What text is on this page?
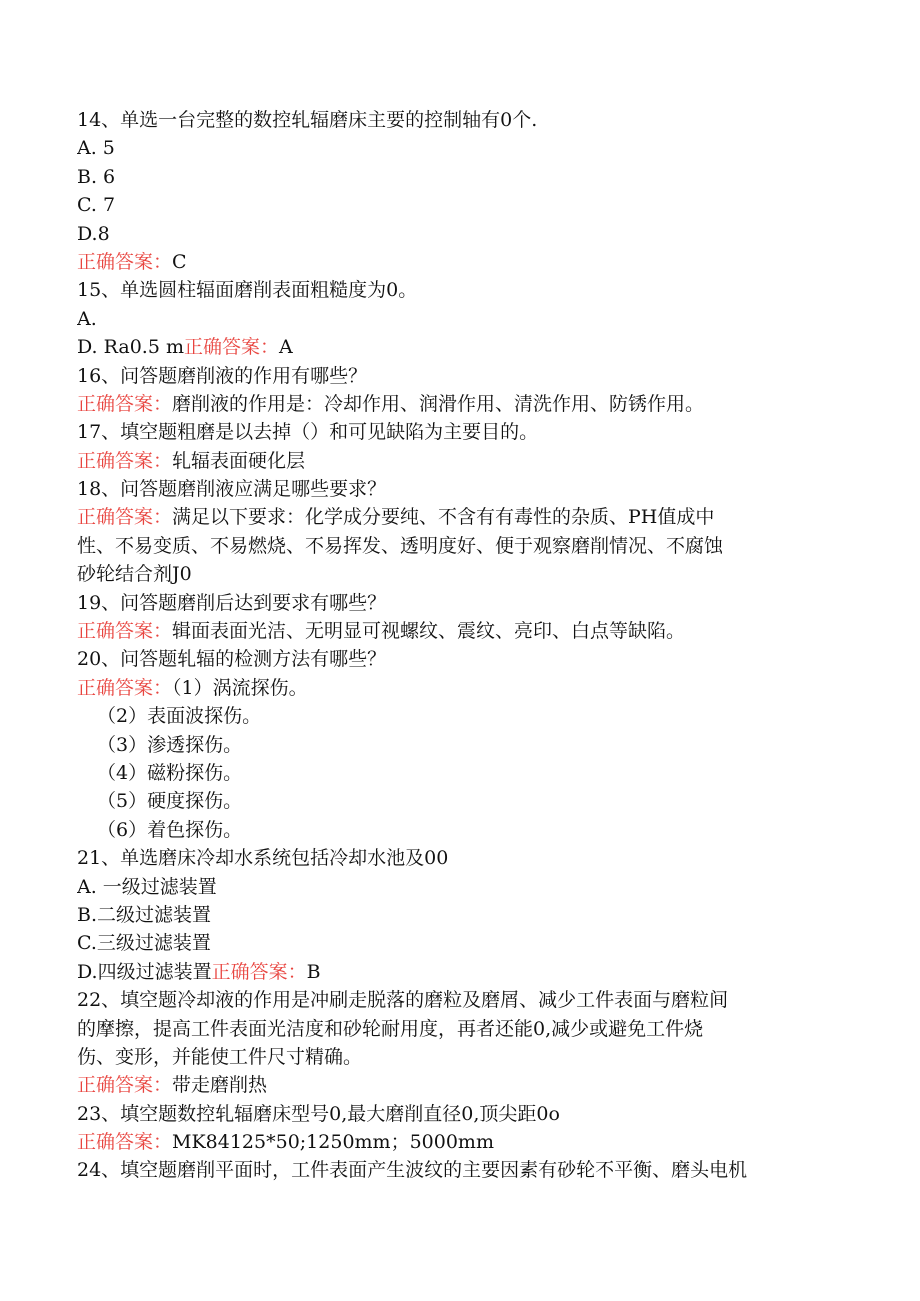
14、单选一台完整的数控轧辐磨床主要的控制轴有0个.
A. 5
B. 6
C. 7
D.8
正确答案：C
15、单选圆柱辐面磨削表面粗糙度为0。
A.
D. Ra0.5 m正确答案：A
16、问答题磨削液的作用有哪些？
正确答案：磨削液的作用是：冷却作用、润滑作用、清洗作用、防锈作用。
17、填空题粗磨是以去掉（）和可见缺陷为主要目的。
正确答案：轧辐表面硬化层
18、问答题磨削液应满足哪些要求？
正确答案：满足以下要求：化学成分要纯、不含有有毒性的杂质、PH值成中
性、不易变质、不易燃烧、不易挥发、透明度好、便于观察磨削情况、不腐蚀
砂轮结合剂J0
19、问答题磨削后达到要求有哪些？
正确答案：辑面表面光洁、无明显可视螺纹、震纹、亮印、白点等缺陷。
20、问答题轧辐的检测方法有哪些？
正确答案：（1）涡流探伤。
（2）表面波探伤。
（3）渗透探伤。
（4）磁粉探伤。
（5）硬度探伤。
（6）着色探伤。
21、单选磨床冷却水系统包括冷却水池及00
A. 一级过滤装置
B.二级过滤装置
C.三级过滤装置
D.四级过滤装置正确答案：B
22、填空题冷却液的作用是冲刷走脱落的磨粒及磨屑、减少工件表面与磨粒间
的摩擦，提高工件表面光洁度和砂轮耐用度，再者还能0,减少或避免工件烧
伤、变形，并能使工件尺寸精确。
正确答案：带走磨削热
23、填空题数控轧辐磨床型号0,最大磨削直径0,顶尖距0o
正确答案：MK84125*50;1250mm；5000mm
24、填空题磨削平面时，工件表面产生波纹的主要因素有砂轮不平衡、磨头电机
